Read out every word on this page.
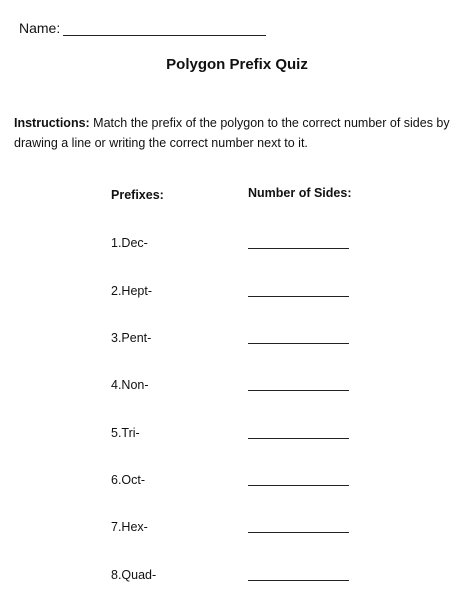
Name:
Polygon Prefix Quiz
Instructions: Match the prefix of the polygon to the correct number of sides by drawing a line or writing the correct number next to it.
Prefixes:	Number of Sides:
1.Dec-
2.Hept-
3.Pent-
4.Non-
5.Tri-
6.Oct-
7.Hex-
8.Quad-
